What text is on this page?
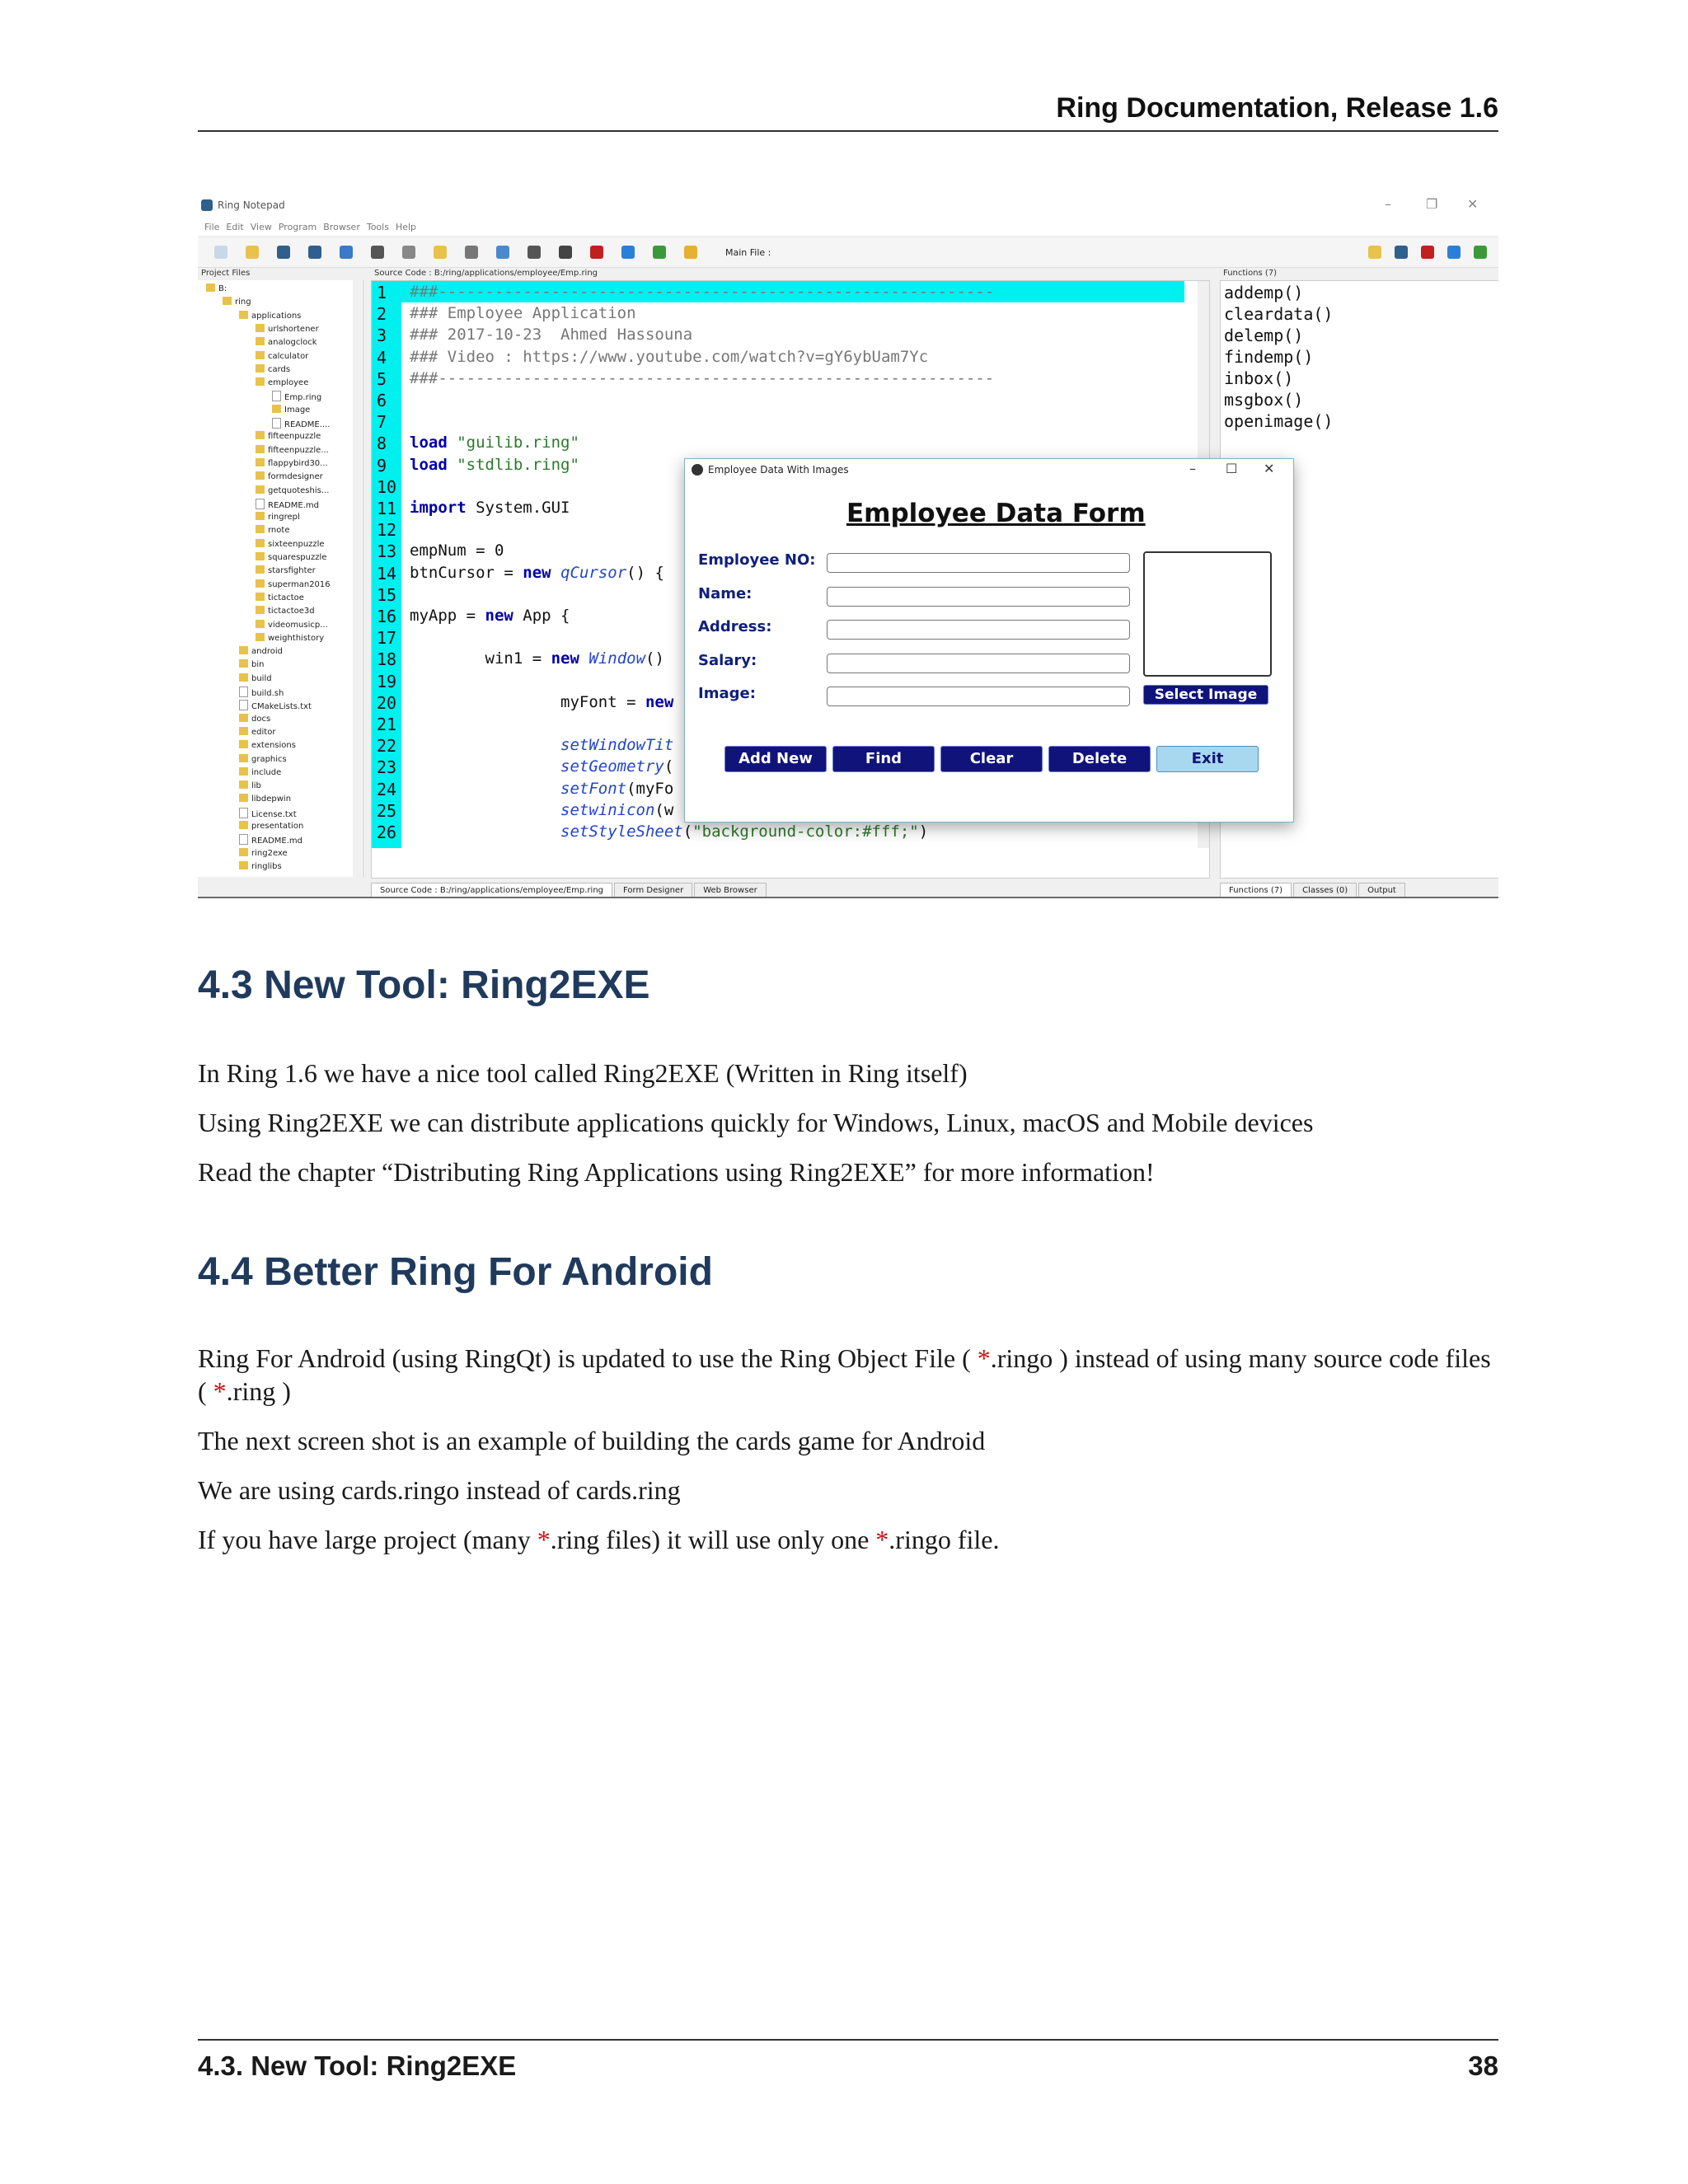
Ring Documentation, Release 1.6
Ring Notepad	–	❐ ✕
File Edit View Program Browser Tools Help
Main File :
Project Files
B:
ring
applications
urlshortener
analogclock
calculator
cards
employee
Emp.ring
Image
README....
fifteenpuzzle
fifteenpuzzle...
flappybird30...
formdesigner
getquoteshis...
README.md
ringrepl
rnote
sixteenpuzzle
squarespuzzle
starsfighter
superman2016
tictactoe
tictactoe3d
videomusicp...
weighthistory
android
bin
build
build.sh
CMakeLists.txt
docs
editor
extensions
graphics
include
lib
libdepwin
License.txt
presentation
README.md
ring2exe
ringlibs
Source Code : B:/ring/applications/employee/Emp.ring
1 ###-----------------------------------------------------------
2 ### Employee Application
3 ### 2017-10-23  Ahmed Hassouna
4 ### Video : https://www.youtube.com/watch?v=gY6ybUam7Yc
5 ###-----------------------------------------------------------
6
7
8 load "guilib.ring"
9 load "stdlib.ring"
10
11 import System.GUI
12
13 empNum = 0
14 btnCursor = new qCursor() {
15
16 myApp = new App {
17
18 win1 = new Window()
19
20 myFont = new
21
22	setWindowTit
23	setGeometry(
24	setFont(myFo
25	setwinicon(w
26	setStyleSheet("background-color:#fff;")
Source Code : B:/ring/applications/employee/Emp.ring Form Designer Web Browser
Functions (7)
addemp()
cleardata()
delemp()
findemp()
inbox()
msgbox()
openimage()
Functions (7) Classes (0) Output
Employee Data With Images	– ☐ ✕
Employee Data Form
Employee NO:
Name:
Address:
Salary:
Image:	Select Image
Add New	Find	Clear	Delete	Exit
4.3 New Tool: Ring2EXE
In Ring 1.6 we have a nice tool called Ring2EXE (Written in Ring itself)
Using Ring2EXE we can distribute applications quickly for Windows, Linux, macOS and Mobile devices
Read the chapter “Distributing Ring Applications using Ring2EXE” for more information!
4.4 Better Ring For Android
Ring For Android (using RingQt) is updated to use the Ring Object File ( *.ringo ) instead of using many source code files ( *.ring )
The next screen shot is an example of building the cards game for Android
We are using cards.ringo instead of cards.ring
If you have large project (many *.ring files) it will use only one *.ringo file.
4.3. New Tool: Ring2EXE	38
